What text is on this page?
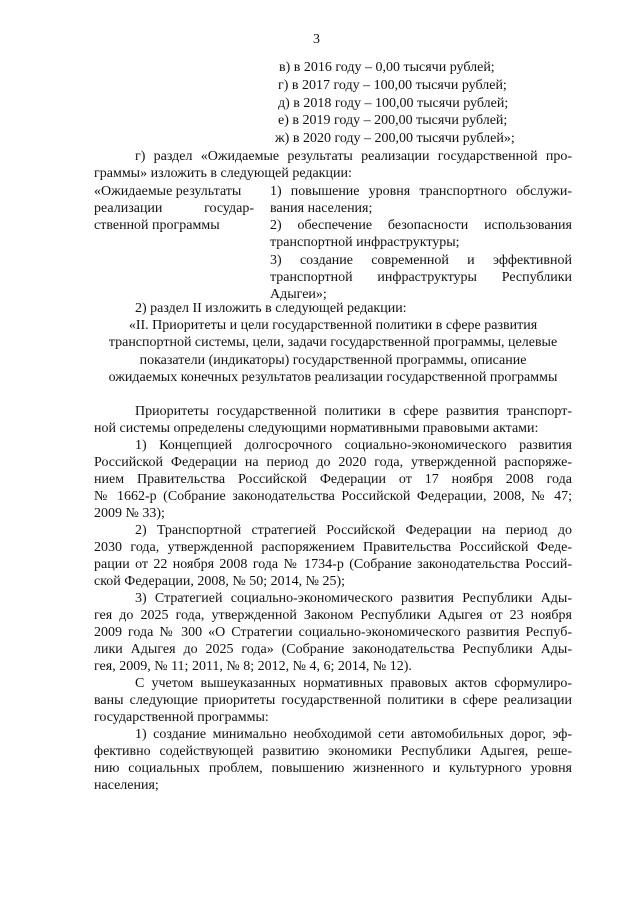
3
в) в 2016 году – 0,00 тысячи рублей;
г) в 2017 году – 100,00 тысячи рублей;
д) в 2018 году – 100,00 тысячи рублей;
е) в 2019 году – 200,00 тысячи рублей;
ж) в 2020 году – 200,00 тысячи рублей»;
г) раздел «Ожидаемые результаты реализации государственной про-
граммы» изложить в следующей редакции:
«Ожидаемые результаты
реализации государ-
ственной программы
1) повышение уровня транспортного обслужи-
вания населения;
2) обеспечение безопасности использования
транспортной инфраструктуры;
3) создание современной и эффективной
транспортной инфраструктуры Республики
Адыгеи»;
2) раздел II изложить в следующей редакции:
«II. Приоритеты и цели государственной политики в сфере развития
транспортной системы, цели, задачи государственной программы, целевые
показатели (индикаторы) государственной программы, описание
ожидаемых конечных результатов реализации государственной программы
Приоритеты государственной политики в сфере развития транспорт-
ной системы определены следующими нормативными правовыми актами:
1) Концепцией долгосрочного социально-экономического развития
Российской Федерации на период до 2020 года, утвержденной распоряже-
нием Правительства Российской Федерации от 17 ноября 2008 года
№ 1662-р (Собрание законодательства Российской Федерации, 2008, № 47;
2009 № 33);
2) Транспортной стратегией Российской Федерации на период до
2030 года, утвержденной распоряжением Правительства Российской Феде-
рации от 22 ноября 2008 года № 1734-р (Собрание законодательства Россий-
ской Федерации, 2008, № 50; 2014, № 25);
3) Стратегией социально-экономического развития Республики Ады-
гея до 2025 года, утвержденной Законом Республики Адыгея от 23 ноября
2009 года № 300 «О Стратегии социально-экономического развития Респуб-
лики Адыгея до 2025 года» (Собрание законодательства Республики Ады-
гея, 2009, № 11; 2011, № 8; 2012, № 4, 6; 2014, № 12).
С учетом вышеуказанных нормативных правовых актов сформулиро-
ваны следующие приоритеты государственной политики в сфере реализации
государственной программы:
1) создание минимально необходимой сети автомобильных дорог, эф-
фективно содействующей развитию экономики Республики Адыгея, реше-
нию социальных проблем, повышению жизненного и культурного уровня
населения;
